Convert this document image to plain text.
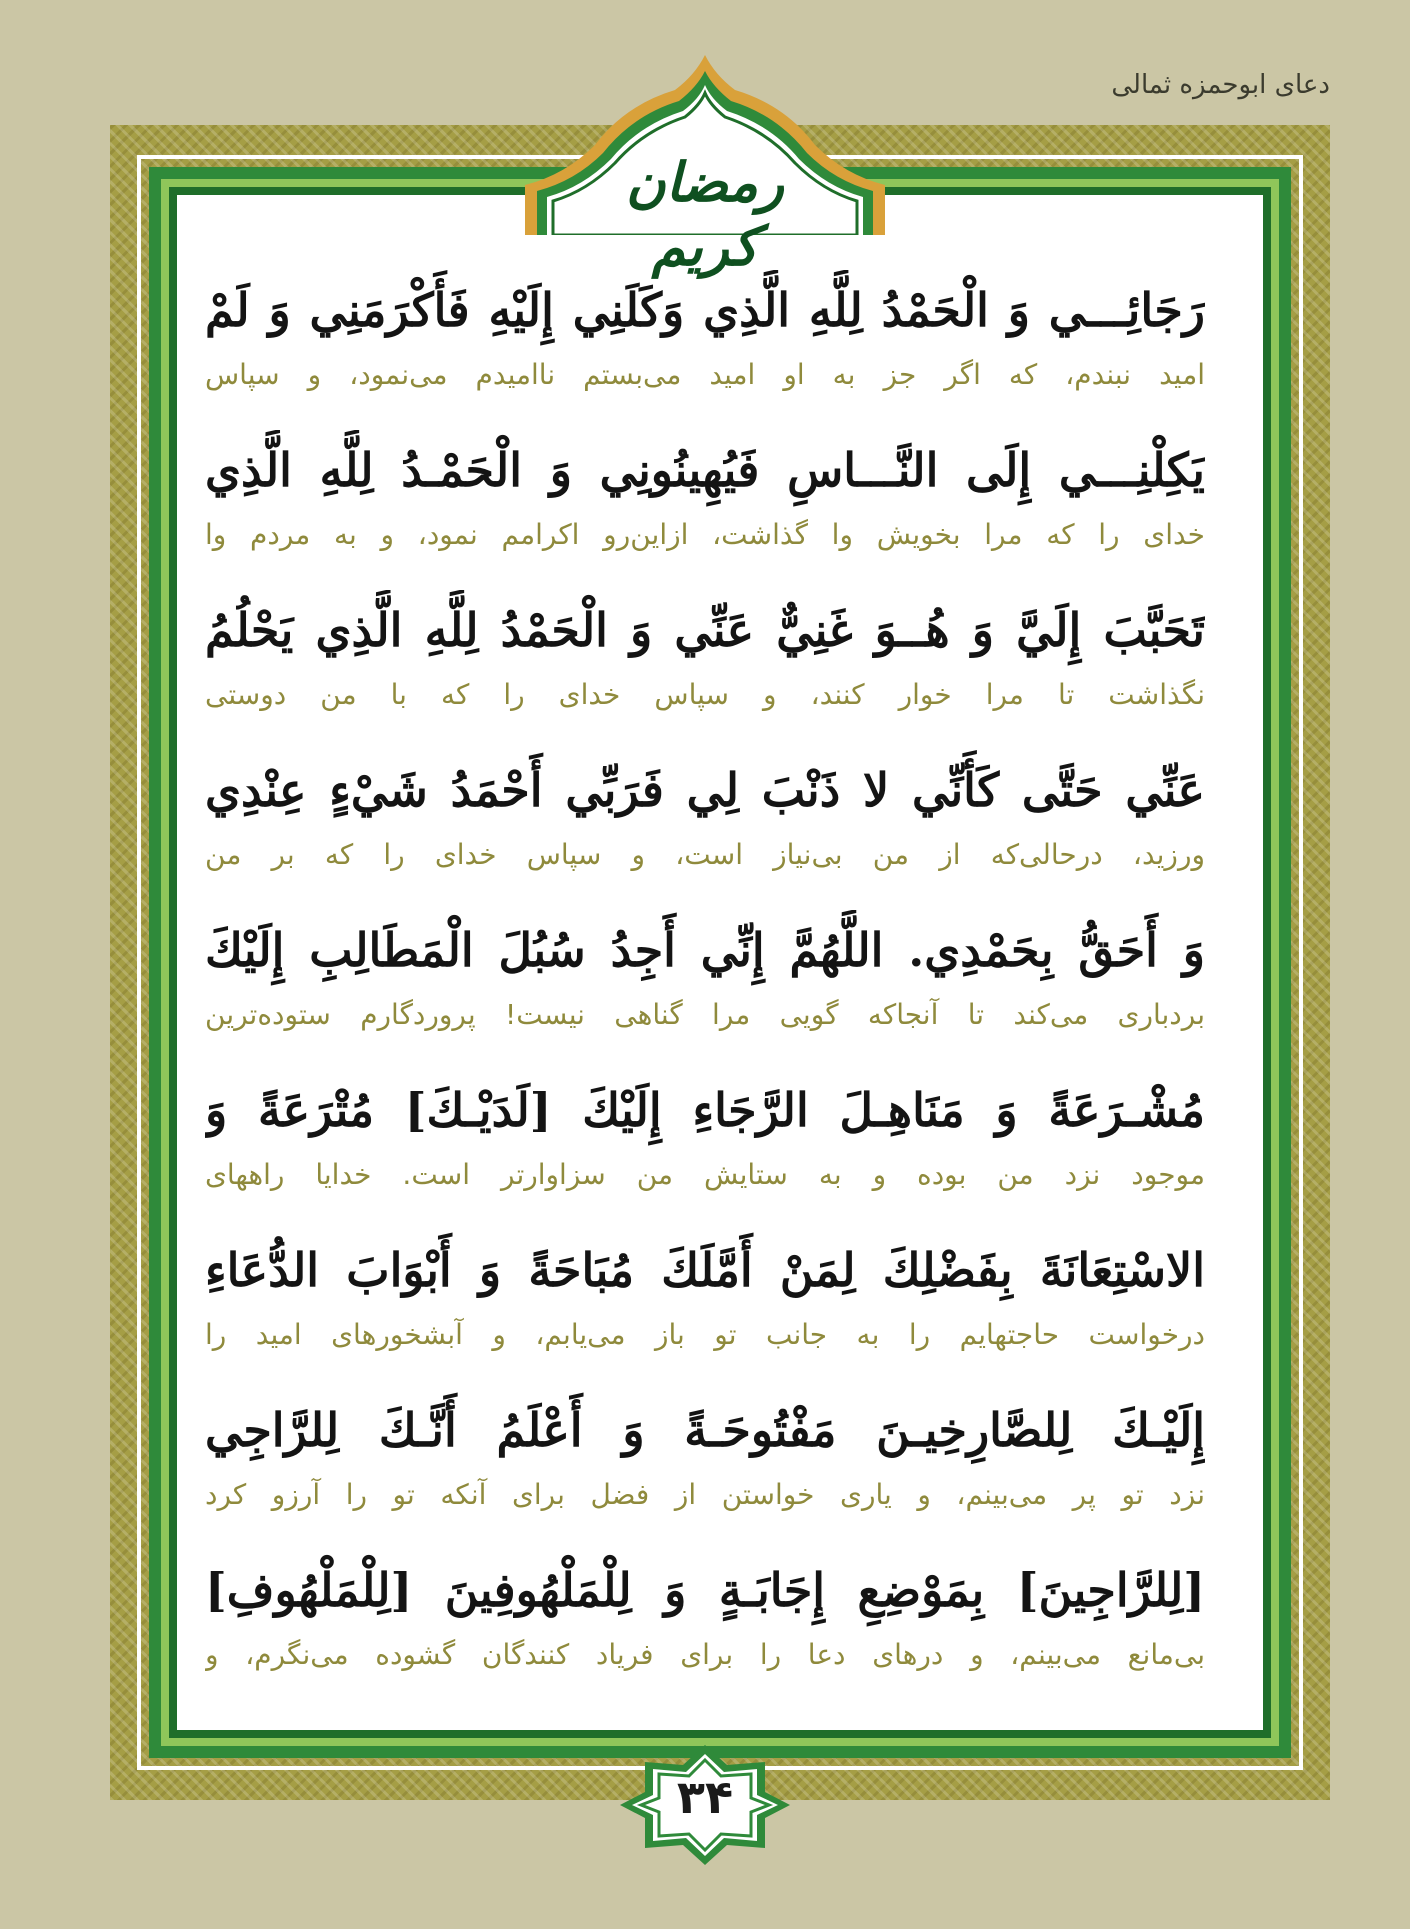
دعای ابوحمزه ثمالی
رمضان کریم
رَجَائِـــي وَ الْحَمْدُ لِلَّهِ الَّذِي وَكَلَنِي إِلَيْهِ فَأَكْرَمَنِي وَ لَمْ
امید نبندم، که اگر جز به او امید می‌بستم ناامیدم می‌نمود، و سپاس
يَكِلْنِـــي إِلَى النَّـــاسِ فَيُهِينُونِي وَ الْحَمْـدُ لِلَّهِ الَّذِي
خدای را که مرا بخویش وا گذاشت، ازاین‌رو اکرامم نمود، و به مردم وا
تَحَبَّبَ إِلَيَّ وَ هُــوَ غَنِيٌّ عَنِّي وَ الْحَمْدُ لِلَّهِ الَّذِي يَحْلُمُ
نگذاشت تا مرا خوار کنند، و سپاس خدای را که با من دوستی
عَنِّي حَتَّى كَأَنِّي لا ذَنْبَ لِي فَرَبِّي أَحْمَدُ شَيْءٍ عِنْدِي
ورزید، درحالی‌که از من بی‌نیاز است، و سپاس خدای را که بر من
وَ أَحَقُّ بِحَمْدِي. اللَّهُمَّ إِنِّي أَجِدُ سُبُلَ الْمَطَالِبِ إِلَيْكَ
بردباری می‌کند تا آنجاکه گویی مرا گناهی نیست! پروردگارم ستوده‌ترین
مُشْـرَعَةً وَ مَنَاهِـلَ الرَّجَاءِ إِلَيْكَ [لَدَيْـكَ] مُتْرَعَةً وَ
موجود نزد من بوده و به ستایش من سزاوارتر است. خدایا راههای
الاسْتِعَانَةَ بِفَضْلِكَ لِمَنْ أَمَّلَكَ مُبَاحَةً وَ أَبْوَابَ الدُّعَاءِ
درخواست حاجتهایم را به جانب تو باز می‌یابم، و آبشخورهای امید را
إِلَيْـكَ لِلصَّارِخِيـنَ مَفْتُوحَـةً وَ أَعْلَمُ أَنَّـكَ لِلرَّاجِي
نزد تو پر می‌بینم، و یاری خواستن از فضل برای آنکه تو را آرزو کرد
[لِلرَّاجِينَ] بِمَوْضِعِ إِجَابَـةٍ وَ لِلْمَلْهُوفِينَ [لِلْمَلْهُوفِ]
بی‌مانع می‌بینم، و درهای دعا را برای فریاد کنندگان گشوده می‌نگرم، و
۳۴
